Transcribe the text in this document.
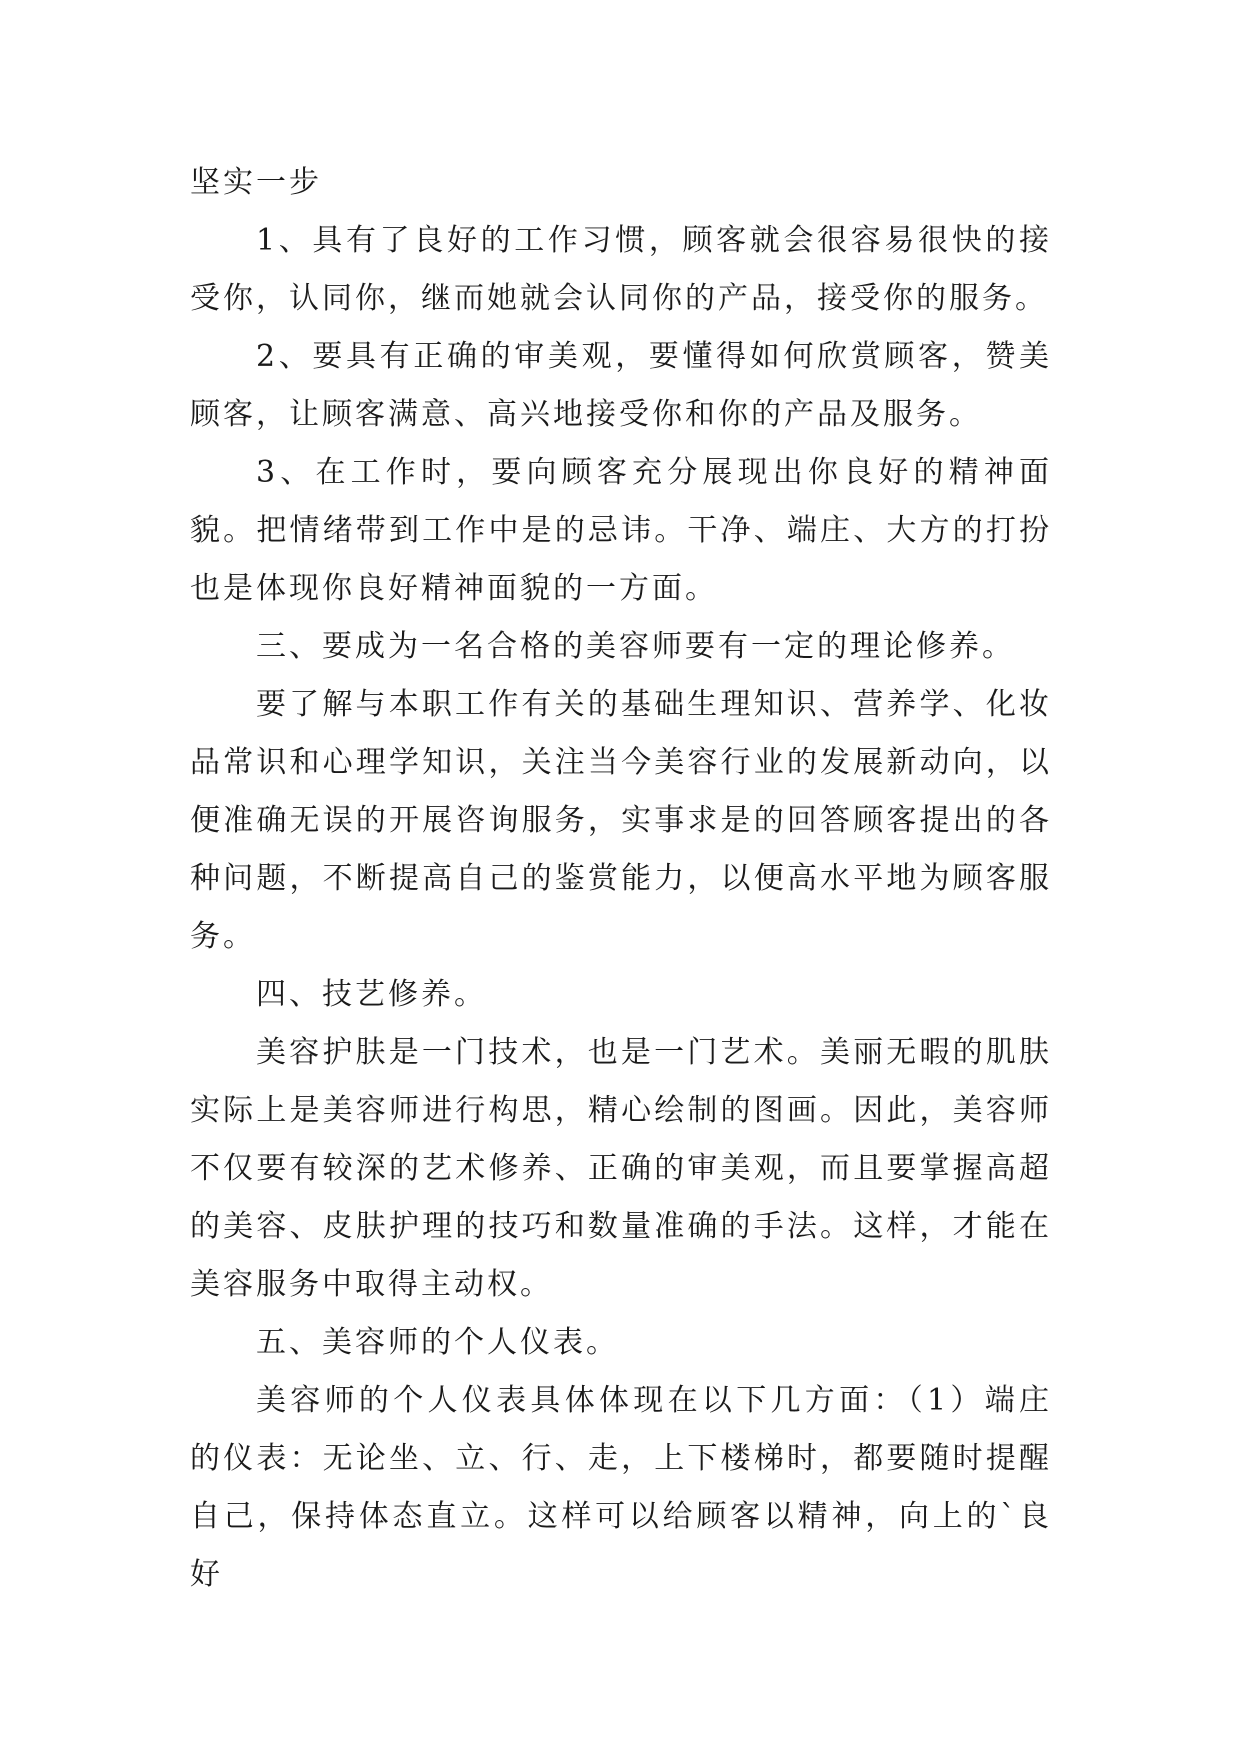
坚实一步

1、具有了良好的工作习惯，顾客就会很容易很快的接受你，认同你，继而她就会认同你的产品，接受你的服务。

2、要具有正确的审美观，要懂得如何欣赏顾客，赞美顾客，让顾客满意、高兴地接受你和你的产品及服务。

3、在工作时，要向顾客充分展现出你良好的精神面貌。把情绪带到工作中是的忌讳。干净、端庄、大方的打扮也是体现你良好精神面貌的一方面。

三、要成为一名合格的美容师要有一定的理论修养。

要了解与本职工作有关的基础生理知识、营养学、化妆品常识和心理学知识，关注当今美容行业的发展新动向，以便准确无误的开展咨询服务，实事求是的回答顾客提出的各种问题，不断提高自己的鉴赏能力，以便高水平地为顾客服务。

四、技艺修养。

美容护肤是一门技术，也是一门艺术。美丽无暇的肌肤实际上是美容师进行构思，精心绘制的图画。因此，美容师不仅要有较深的艺术修养、正确的审美观，而且要掌握高超的美容、皮肤护理的技巧和数量准确的手法。这样，才能在美容服务中取得主动权。

五、美容师的个人仪表。

美容师的个人仪表具体体现在以下几方面：（1）端庄的仪表：无论坐、立、行、走，上下楼梯时，都要随时提醒自己，保持体态直立。这样可以给顾客以精神，向上的`良好
